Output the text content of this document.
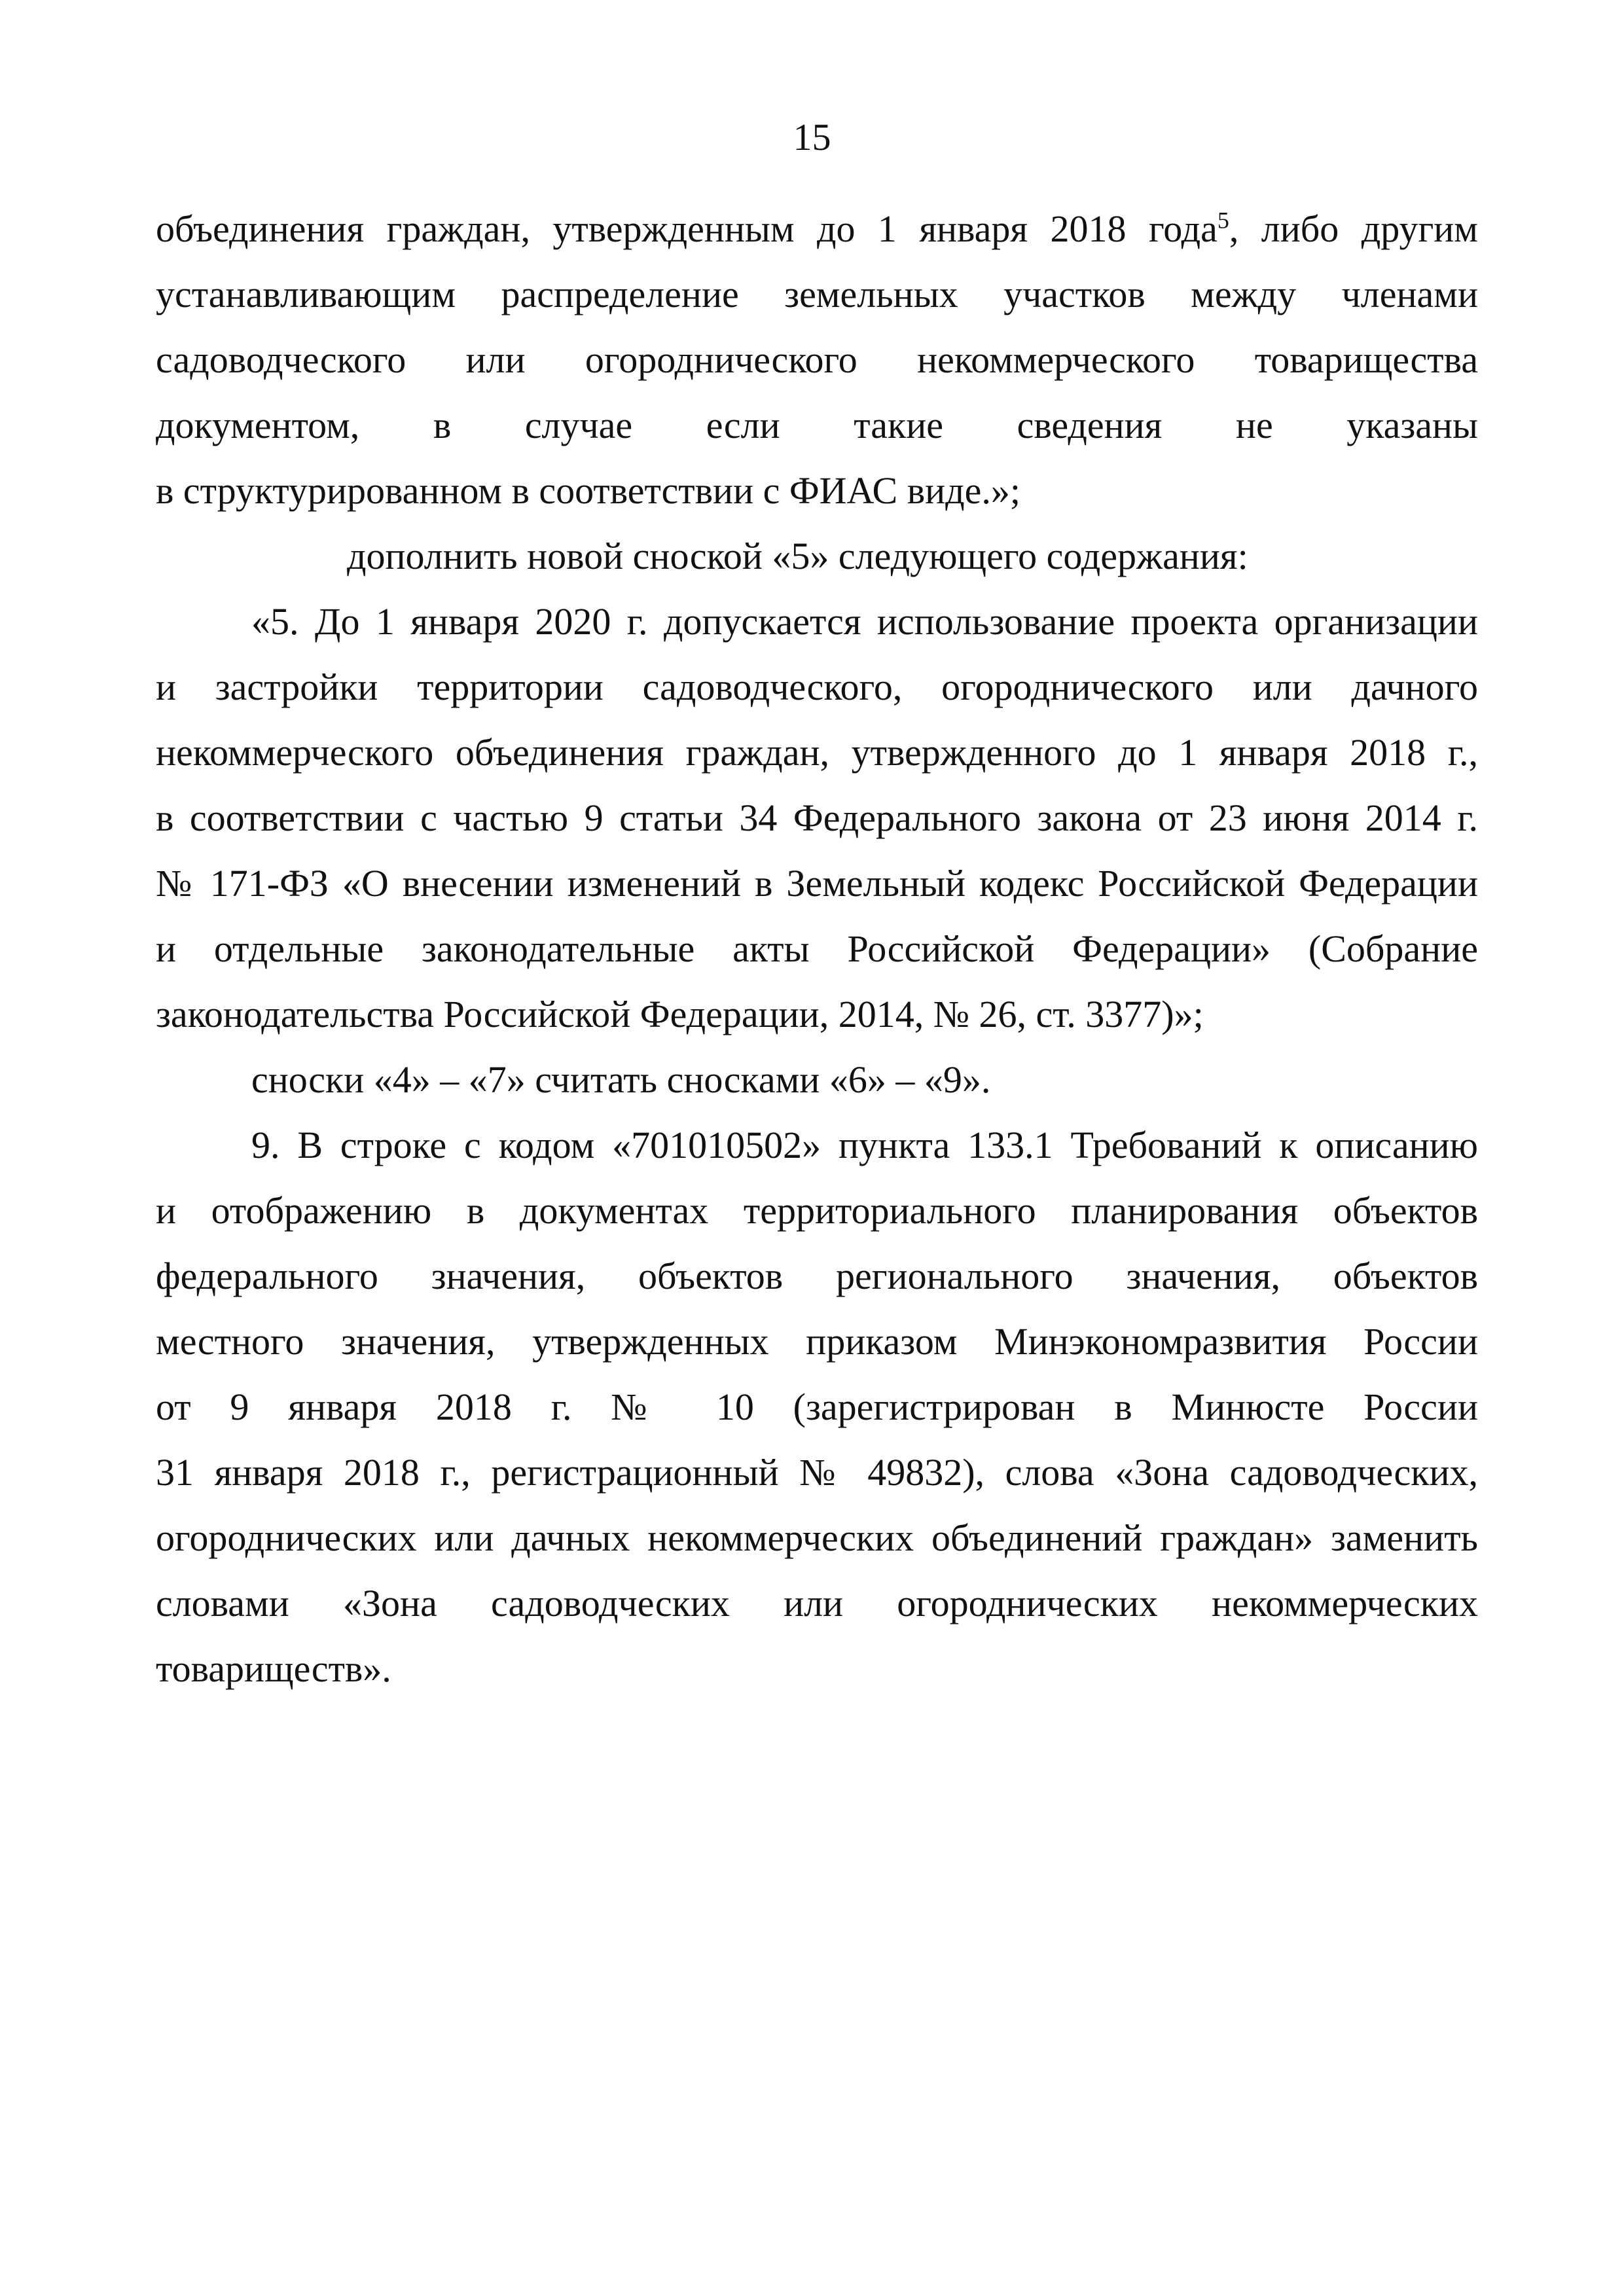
15

объединения граждан, утвержденным до 1 января 2018 года$^5$, либо другим
устанавливающим распределение земельных участков между членами
садоводческого или огороднического некоммерческого товарищества
документом, в случае если такие сведения не указаны
в структурированном в соответствии с ФИАС виде.»;

дополнить новой сноской «5» следующего содержания:

«5. До 1 января 2020 г. допускается использование проекта организации
и застройки территории садоводческого, огороднического или дачного
некоммерческого объединения граждан, утвержденного до 1 января 2018 г.,
в соответствии с частью 9 статьи 34 Федерального закона от 23 июня 2014 г.
№ 171-ФЗ «О внесении изменений в Земельный кодекс Российской Федерации
и отдельные законодательные акты Российской Федерации» (Собрание
законодательства Российской Федерации, 2014, № 26, ст. 3377)»;

сноски «4» – «7» считать сносками «6» – «9».

9. В строке с кодом «701010502» пункта 133.1 Требований к описанию
и отображению в документах территориального планирования объектов
федерального значения, объектов регионального значения, объектов
местного значения, утвержденных приказом Минэкономразвития России
от 9 января 2018 г. № 10 (зарегистрирован в Минюсте России
31 января 2018 г., регистрационный № 49832), слова «Зона садоводческих,
огороднических или дачных некоммерческих объединений граждан» заменить
словами «Зона садоводческих или огороднических некоммерческих
товариществ».
